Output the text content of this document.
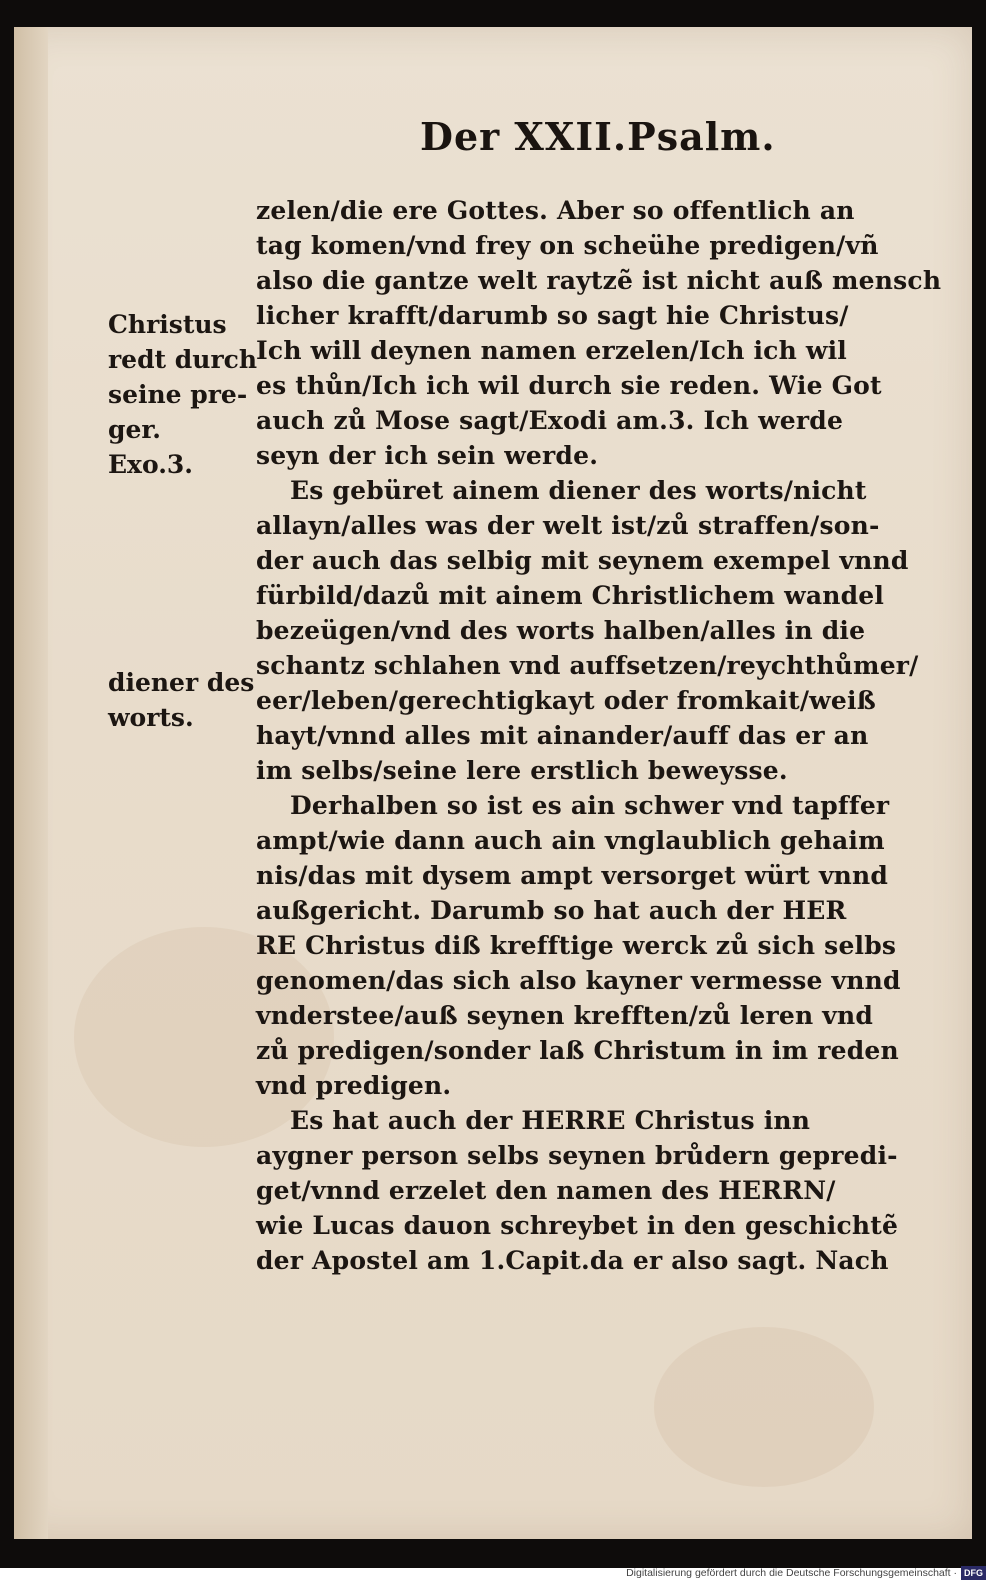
Der XXII.Psalm.
zelen/die ere Gottes. Aber so offentlich an
tag komen/vnd frey on scheühe predigen/vñ
also die gantze welt raytzẽ ist nicht auß mensch
licher krafft/darumb so sagt hie Christus/
Ich will deynen namen erzelen/Ich ich wil
es thůn/Ich ich wil durch sie reden. Wie Got
auch zů Mose sagt/Exodi am.3. Ich werde
seyn der ich sein werde.
Es gebüret ainem diener des worts/nicht
allayn/alles was der welt ist/zů straffen/son-
der auch das selbig mit seynem exempel vnnd
fürbild/dazů mit ainem Christlichem wandel
bezeügen/vnd des worts halben/alles in die
schantz schlahen vnd auffsetzen/reychthůmer/
eer/leben/gerechtigkayt oder fromkait/weiß
hayt/vnnd alles mit ainander/auff das er an
im selbs/seine lere erstlich beweysse.
Derhalben so ist es ain schwer vnd tapffer
ampt/wie dann auch ain vnglaublich gehaim
nis/das mit dysem ampt versorget würt vnnd
außgericht. Darumb so hat auch der HER
RE Christus diß krefftige werck zů sich selbs
genomen/das sich also kayner vermesse vnnd
vnderstee/auß seynen krefften/zů leren vnd
zů predigen/sonder laß Christum in im reden
vnd predigen.
Es hat auch der HERRE Christus inn
aygner person selbs seynen brůdern gepredi-
get/vnnd erzelet den namen des HERRN/
wie Lucas dauon schreybet in den geschichtẽ
der Apostel am 1.Capit.da er also sagt. Nach
Christus
redt durch
seine pre-
ger.
Exo.3.
diener des
worts.
Digitalisierung gefördert durch die Deutsche Forschungsgemeinschaft · DFG
